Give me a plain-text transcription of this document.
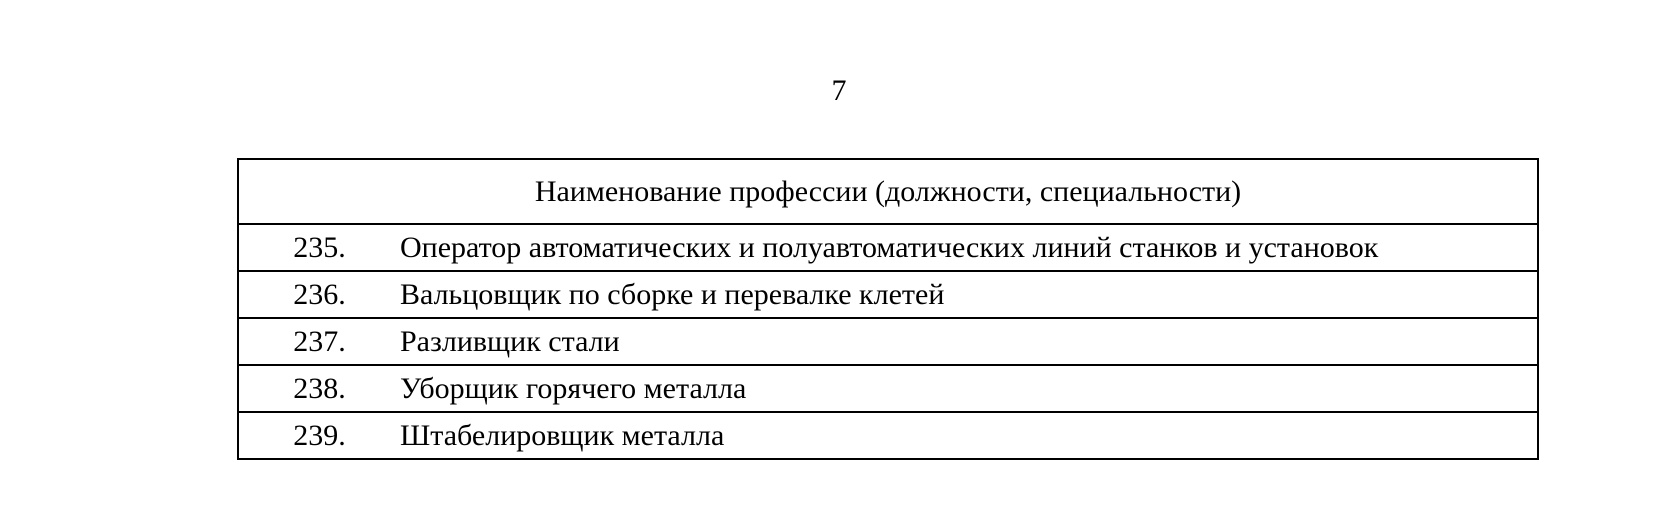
7
Наименование профессии (должности, специальности)	
235.	Оператор автоматических и полуавтоматических линий станков и установок
236.	Вальцовщик по сборке и перевалке клетей
237.	Разливщик стали
238.	Уборщик горячего металла
239.	Штабелировщик металла
